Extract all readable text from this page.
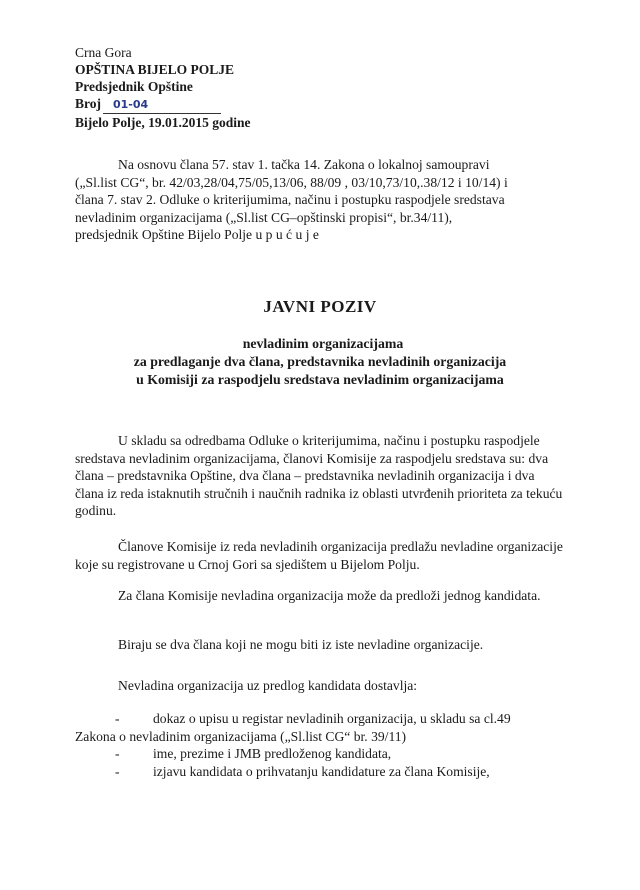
Crna Gora
OPŠTINA BIJELO POLJE
Predsjednik Opštine
Broj 01-04
Bijelo Polje, 19.01.2015 godine
Na osnovu člana 57. stav 1. tačka 14. Zakona o lokalnoj samoupravi („Sl.list CG“, br. 42/03,28/04,75/05,13/06, 88/09 , 03/10,73/10,.38/12 i 10/14) i člana 7. stav 2. Odluke o kriterijumima, načinu i postupku raspodjele sredstava nevladinim organizacijama („Sl.list CG–opštinski propisi“, br.34/11), predsjednik Opštine Bijelo Polje u p u ć u j e
JAVNI POZIV
nevladinim organizacijama
za predlaganje dva člana, predstavnika nevladinih organizacija
u Komisiji za raspodjelu sredstava nevladinim organizacijama
U skladu sa odredbama Odluke o kriterijumima, načinu i postupku raspodjele sredstava nevladinim organizacijama, članovi Komisije za raspodjelu sredstava su: dva člana – predstavnika Opštine, dva člana – predstavnika nevladinih organizacija i dva člana iz reda istaknutih stručnih i naučnih radnika iz oblasti utvrđenih prioriteta za tekuću godinu.
Članove Komisije iz reda nevladinih organizacija predlažu nevladine organizacije koje su registrovane u Crnoj Gori sa sjedištem u Bijelom Polju.
Za člana Komisije nevladina organizacija može da predloži jednog kandidata.
Biraju se dva člana koji ne mogu biti iz iste nevladine organizacije.
Nevladina organizacija uz predlog kandidata dostavlja:
- dokaz o upisu u registar nevladinih organizacija, u skladu sa cl.49
Zakona o nevladinim organizacijama („Sl.list CG“ br. 39/11)
- ime, prezime i JMB predloženog kandidata,
- izjavu kandidata o prihvatanju kandidature za člana Komisije,
